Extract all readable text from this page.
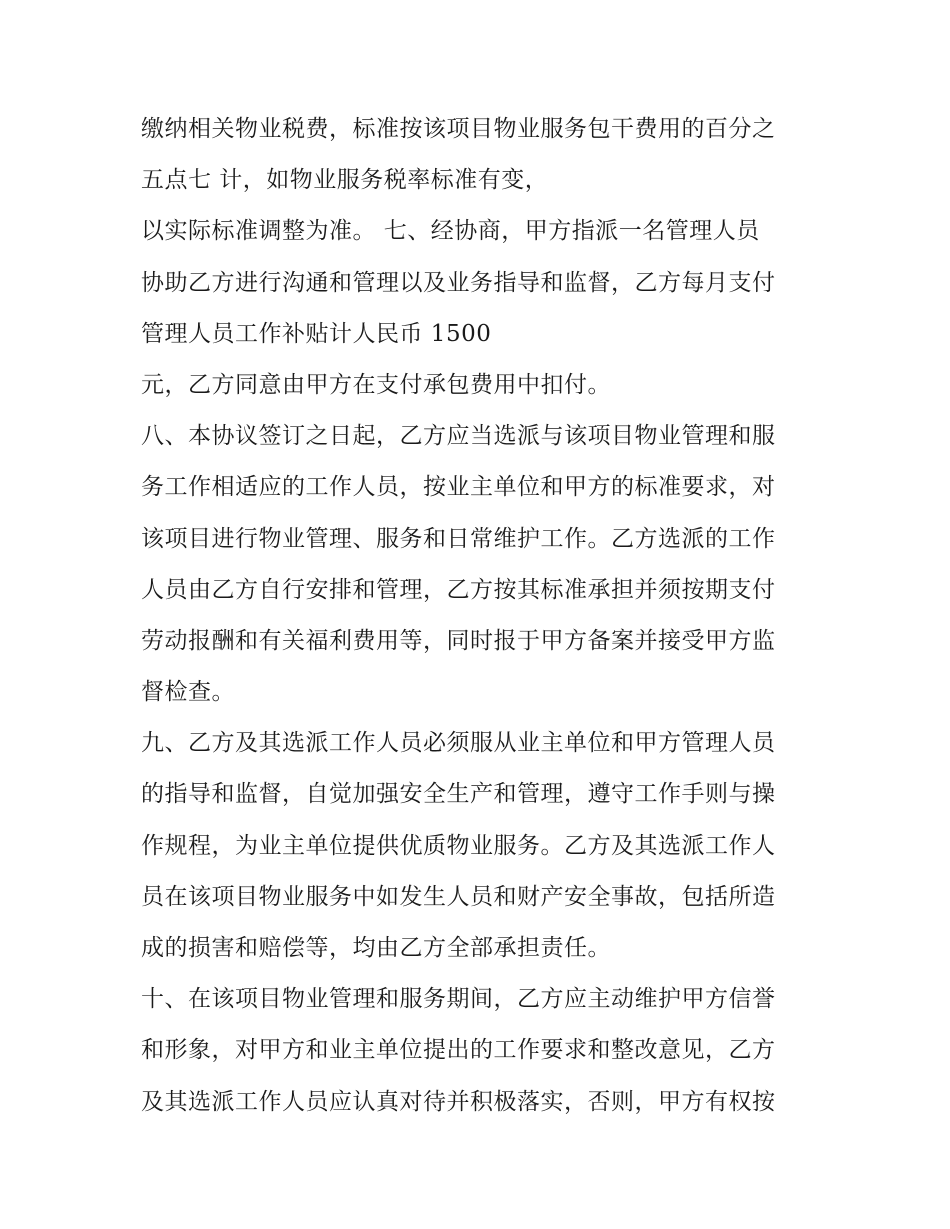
缴纳相关物业税费，标准按该项目物业服务包干费用的百分之
五点七 计，如物业服务税率标准有变，
以实际标准调整为准。 七、经协商，甲方指派一名管理人员
协助乙方进行沟通和管理以及业务指导和监督，乙方每月支付
管理人员工作补贴计人民币 1500
元，乙方同意由甲方在支付承包费用中扣付。
八、本协议签订之日起，乙方应当选派与该项目物业管理和服
务工作相适应的工作人员，按业主单位和甲方的标准要求，对
该项目进行物业管理、服务和日常维护工作。乙方选派的工作
人员由乙方自行安排和管理，乙方按其标准承担并须按期支付
劳动报酬和有关福利费用等，同时报于甲方备案并接受甲方监
督检查。
九、乙方及其选派工作人员必须服从业主单位和甲方管理人员
的指导和监督，自觉加强安全生产和管理，遵守工作手则与操
作规程，为业主单位提供优质物业服务。乙方及其选派工作人
员在该项目物业服务中如发生人员和财产安全事故，包括所造
成的损害和赔偿等，均由乙方全部承担责任。
十、在该项目物业管理和服务期间，乙方应主动维护甲方信誉
和形象，对甲方和业主单位提出的工作要求和整改意见，乙方
及其选派工作人员应认真对待并积极落实，否则，甲方有权按
